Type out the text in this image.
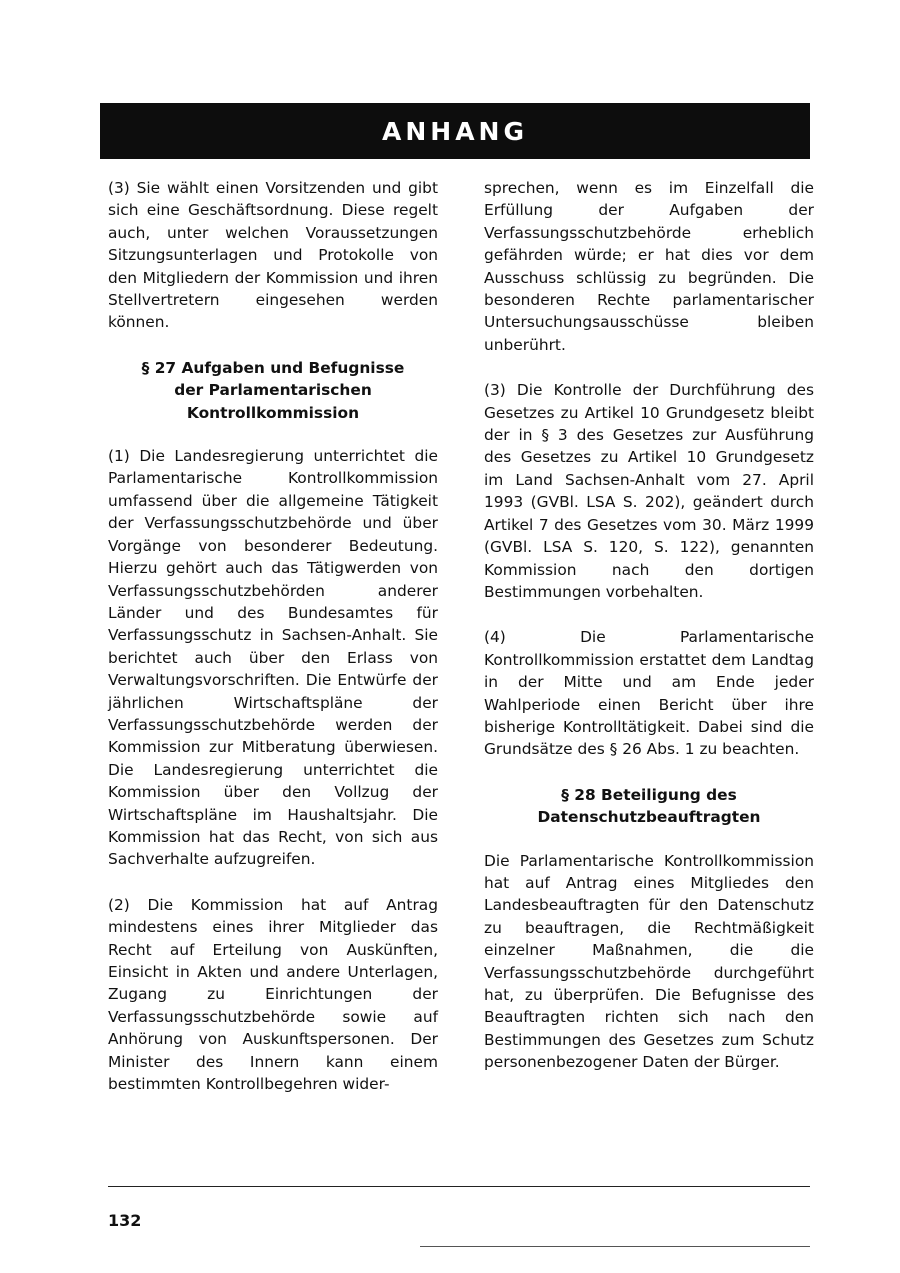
ANHANG

(3) Sie wählt einen Vorsitzenden und gibt sich eine Geschäftsordnung. Diese regelt auch, unter welchen Voraussetzungen Sitzungsunterlagen und Protokolle von den Mitgliedern der Kommission und ihren Stellvertretern eingesehen werden können.

§ 27 Aufgaben und Befugnisse
der Parlamentarischen
Kontrollkommission

(1) Die Landesregierung unterrichtet die Parlamentarische Kontrollkommission umfassend über die allgemeine Tätigkeit der Verfassungsschutzbehörde und über Vorgänge von besonderer Bedeutung. Hierzu gehört auch das Tätigwerden von Verfassungsschutzbehörden anderer Länder und des Bundesamtes für Verfassungsschutz in Sachsen-Anhalt. Sie berichtet auch über den Erlass von Verwaltungsvorschriften. Die Entwürfe der jährlichen Wirtschaftspläne der Verfassungsschutzbehörde werden der Kommission zur Mitberatung überwiesen. Die Landesregierung unterrichtet die Kommission über den Vollzug der Wirtschaftspläne im Haushaltsjahr. Die Kommission hat das Recht, von sich aus Sachverhalte aufzugreifen.

(2) Die Kommission hat auf Antrag mindestens eines ihrer Mitglieder das Recht auf Erteilung von Auskünften, Einsicht in Akten und andere Unterlagen, Zugang zu Einrichtungen der Verfassungsschutzbehörde sowie auf Anhörung von Auskunftspersonen. Der Minister des Innern kann einem bestimmten Kontrollbegehren wider-

sprechen, wenn es im Einzelfall die Erfüllung der Aufgaben der Verfassungsschutzbehörde erheblich gefährden würde; er hat dies vor dem Ausschuss schlüssig zu begründen. Die besonderen Rechte parlamentarischer Untersuchungsausschüsse bleiben unberührt.

(3) Die Kontrolle der Durchführung des Gesetzes zu Artikel 10 Grundgesetz bleibt der in § 3 des Gesetzes zur Ausführung des Gesetzes zu Artikel 10 Grundgesetz im Land Sachsen-Anhalt vom 27. April 1993 (GVBl. LSA S. 202), geändert durch Artikel 7 des Gesetzes vom 30. März 1999 (GVBl. LSA S. 120, S. 122), genannten Kommission nach den dortigen Bestimmungen vorbehalten.

(4) Die Parlamentarische Kontrollkommission erstattet dem Landtag in der Mitte und am Ende jeder Wahlperiode einen Bericht über ihre bisherige Kontrolltätigkeit. Dabei sind die Grundsätze des § 26 Abs. 1 zu beachten.

§ 28 Beteiligung des
Datenschutzbeauftragten

Die Parlamentarische Kontrollkommission hat auf Antrag eines Mitgliedes den Landesbeauftragten für den Datenschutz zu beauftragen, die Rechtmäßigkeit einzelner Maßnahmen, die die Verfassungsschutzbehörde durchgeführt hat, zu überprüfen. Die Befugnisse des Beauftragten richten sich nach den Bestimmungen des Gesetzes zum Schutz personenbezogener Daten der Bürger.

132
